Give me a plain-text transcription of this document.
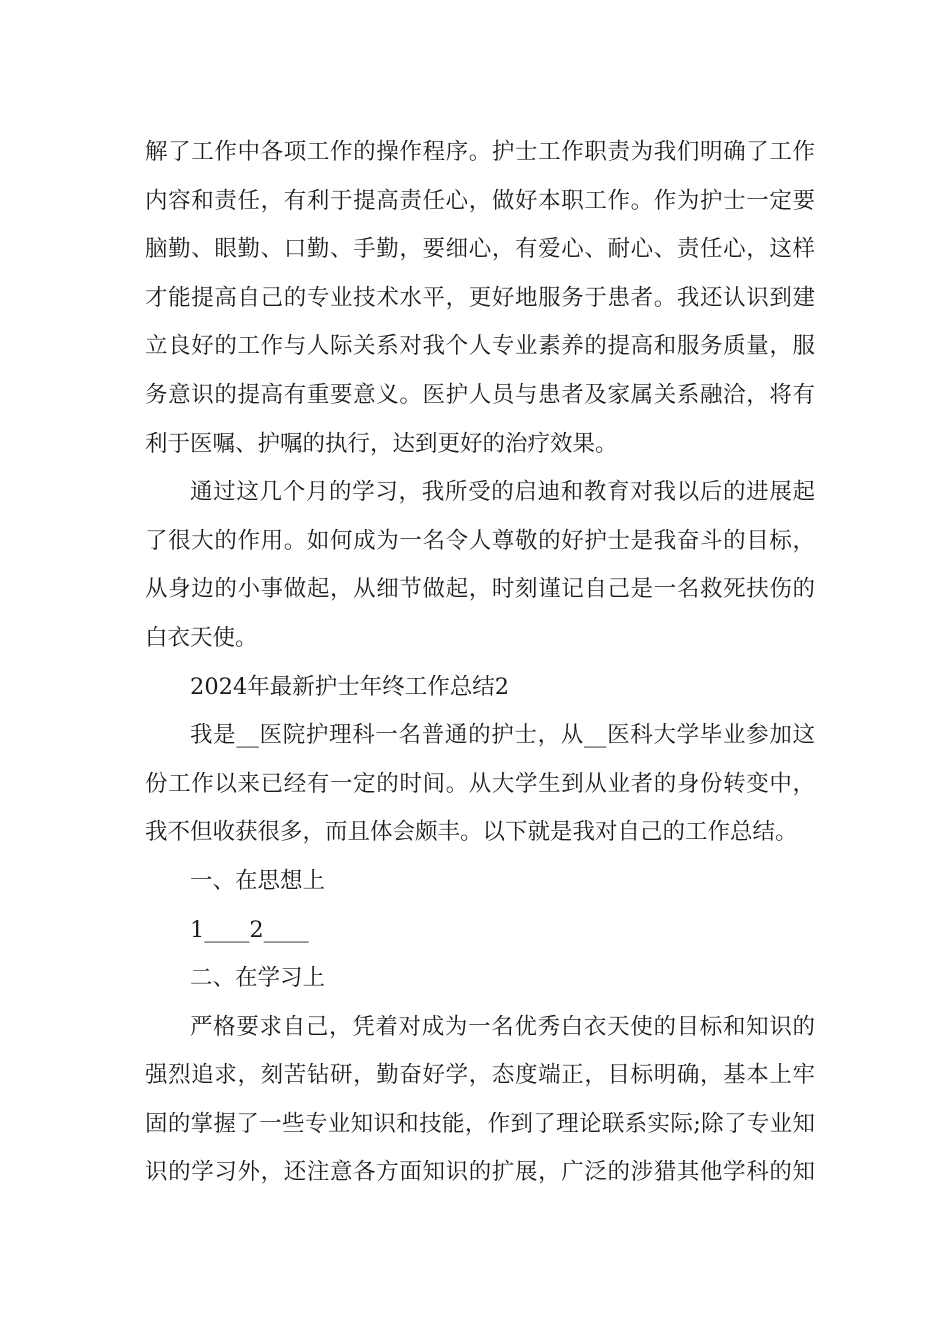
解了工作中各项工作的操作程序。护士工作职责为我们明确了工作
内容和责任，有利于提高责任心，做好本职工作。作为护士一定要
脑勤、眼勤、口勤、手勤，要细心，有爱心、耐心、责任心，这样
才能提高自己的专业技术水平，更好地服务于患者。我还认识到建
立良好的工作与人际关系对我个人专业素养的提高和服务质量，服
务意识的提高有重要意义。医护人员与患者及家属关系融洽，将有
利于医嘱、护嘱的执行，达到更好的治疗效果。
通过这几个月的学习，我所受的启迪和教育对我以后的进展起
了很大的作用。如何成为一名令人尊敬的好护士是我奋斗的目标，
从身边的小事做起，从细节做起，时刻谨记自己是一名救死扶伤的
白衣天使。
2024年最新护士年终工作总结2
我是__医院护理科一名普通的护士，从__医科大学毕业参加这
份工作以来已经有一定的时间。从大学生到从业者的身份转变中，
我不但收获很多，而且体会颇丰。以下就是我对自己的工作总结。
一、在思想上
1____2____
二、在学习上
严格要求自己，凭着对成为一名优秀白衣天使的目标和知识的
强烈追求，刻苦钻研，勤奋好学，态度端正，目标明确，基本上牢
固的掌握了一些专业知识和技能，作到了理论联系实际;除了专业知
识的学习外，还注意各方面知识的扩展，广泛的涉猎其他学科的知
